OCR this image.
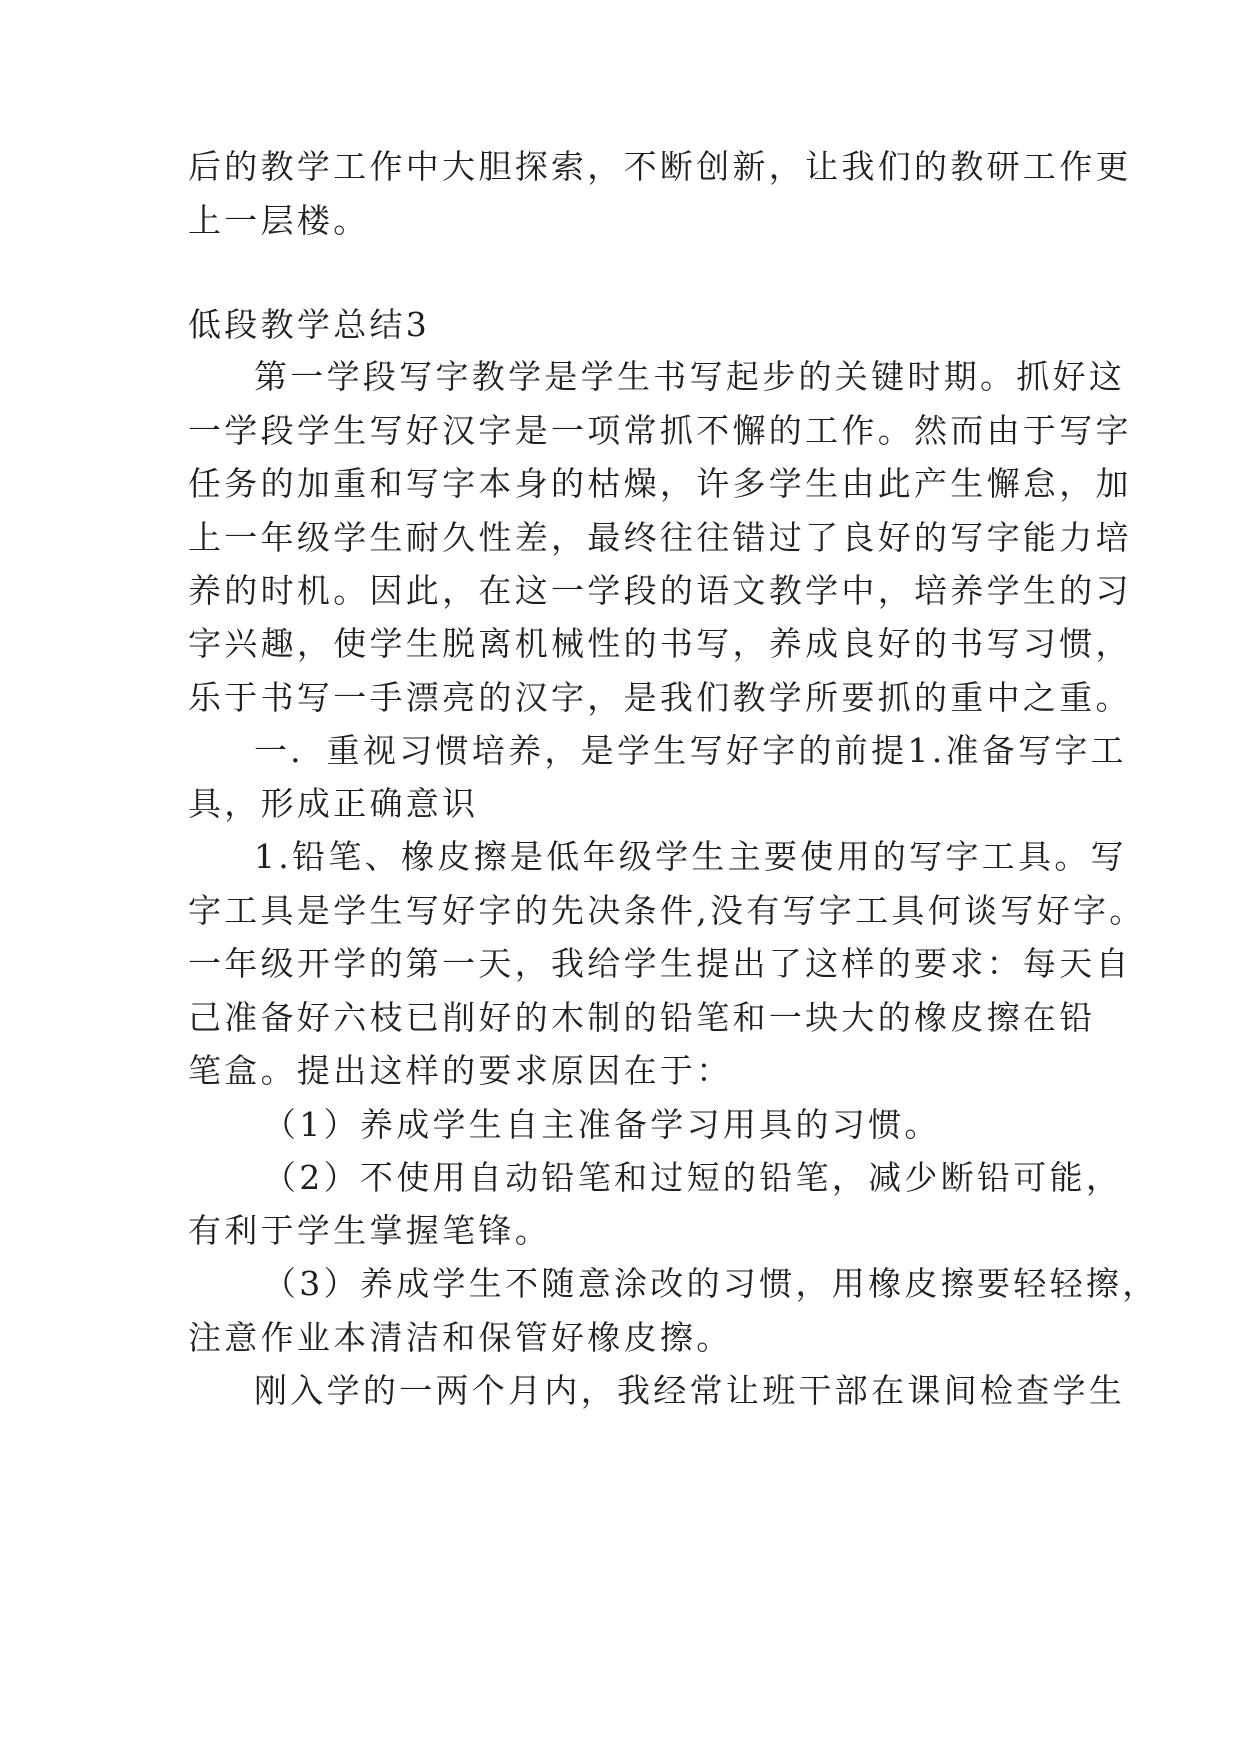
后的教学工作中大胆探索，不断创新，让我们的教研工作更
上一层楼。
低段教学总结3
第一学段写字教学是学生书写起步的关键时期。抓好这
一学段学生写好汉字是一项常抓不懈的工作。然而由于写字
任务的加重和写字本身的枯燥，许多学生由此产生懈怠，加
上一年级学生耐久性差，最终往往错过了良好的写字能力培
养的时机。因此，在这一学段的语文教学中，培养学生的习
字兴趣，使学生脱离机械性的书写，养成良好的书写习惯，
乐于书写一手漂亮的汉字，是我们教学所要抓的重中之重。
一．重视习惯培养，是学生写好字的前提1.准备写字工
具，形成正确意识
1.铅笔、橡皮擦是低年级学生主要使用的写字工具。写
字工具是学生写好字的先决条件,没有写字工具何谈写好字。
一年级开学的第一天，我给学生提出了这样的要求：每天自
己准备好六枝已削好的木制的铅笔和一块大的橡皮擦在铅
笔盒。提出这样的要求原因在于：
（1）养成学生自主准备学习用具的习惯。
（2）不使用自动铅笔和过短的铅笔，减少断铅可能，
有利于学生掌握笔锋。
（3）养成学生不随意涂改的习惯，用橡皮擦要轻轻擦，
注意作业本清洁和保管好橡皮擦。
刚入学的一两个月内，我经常让班干部在课间检查学生
